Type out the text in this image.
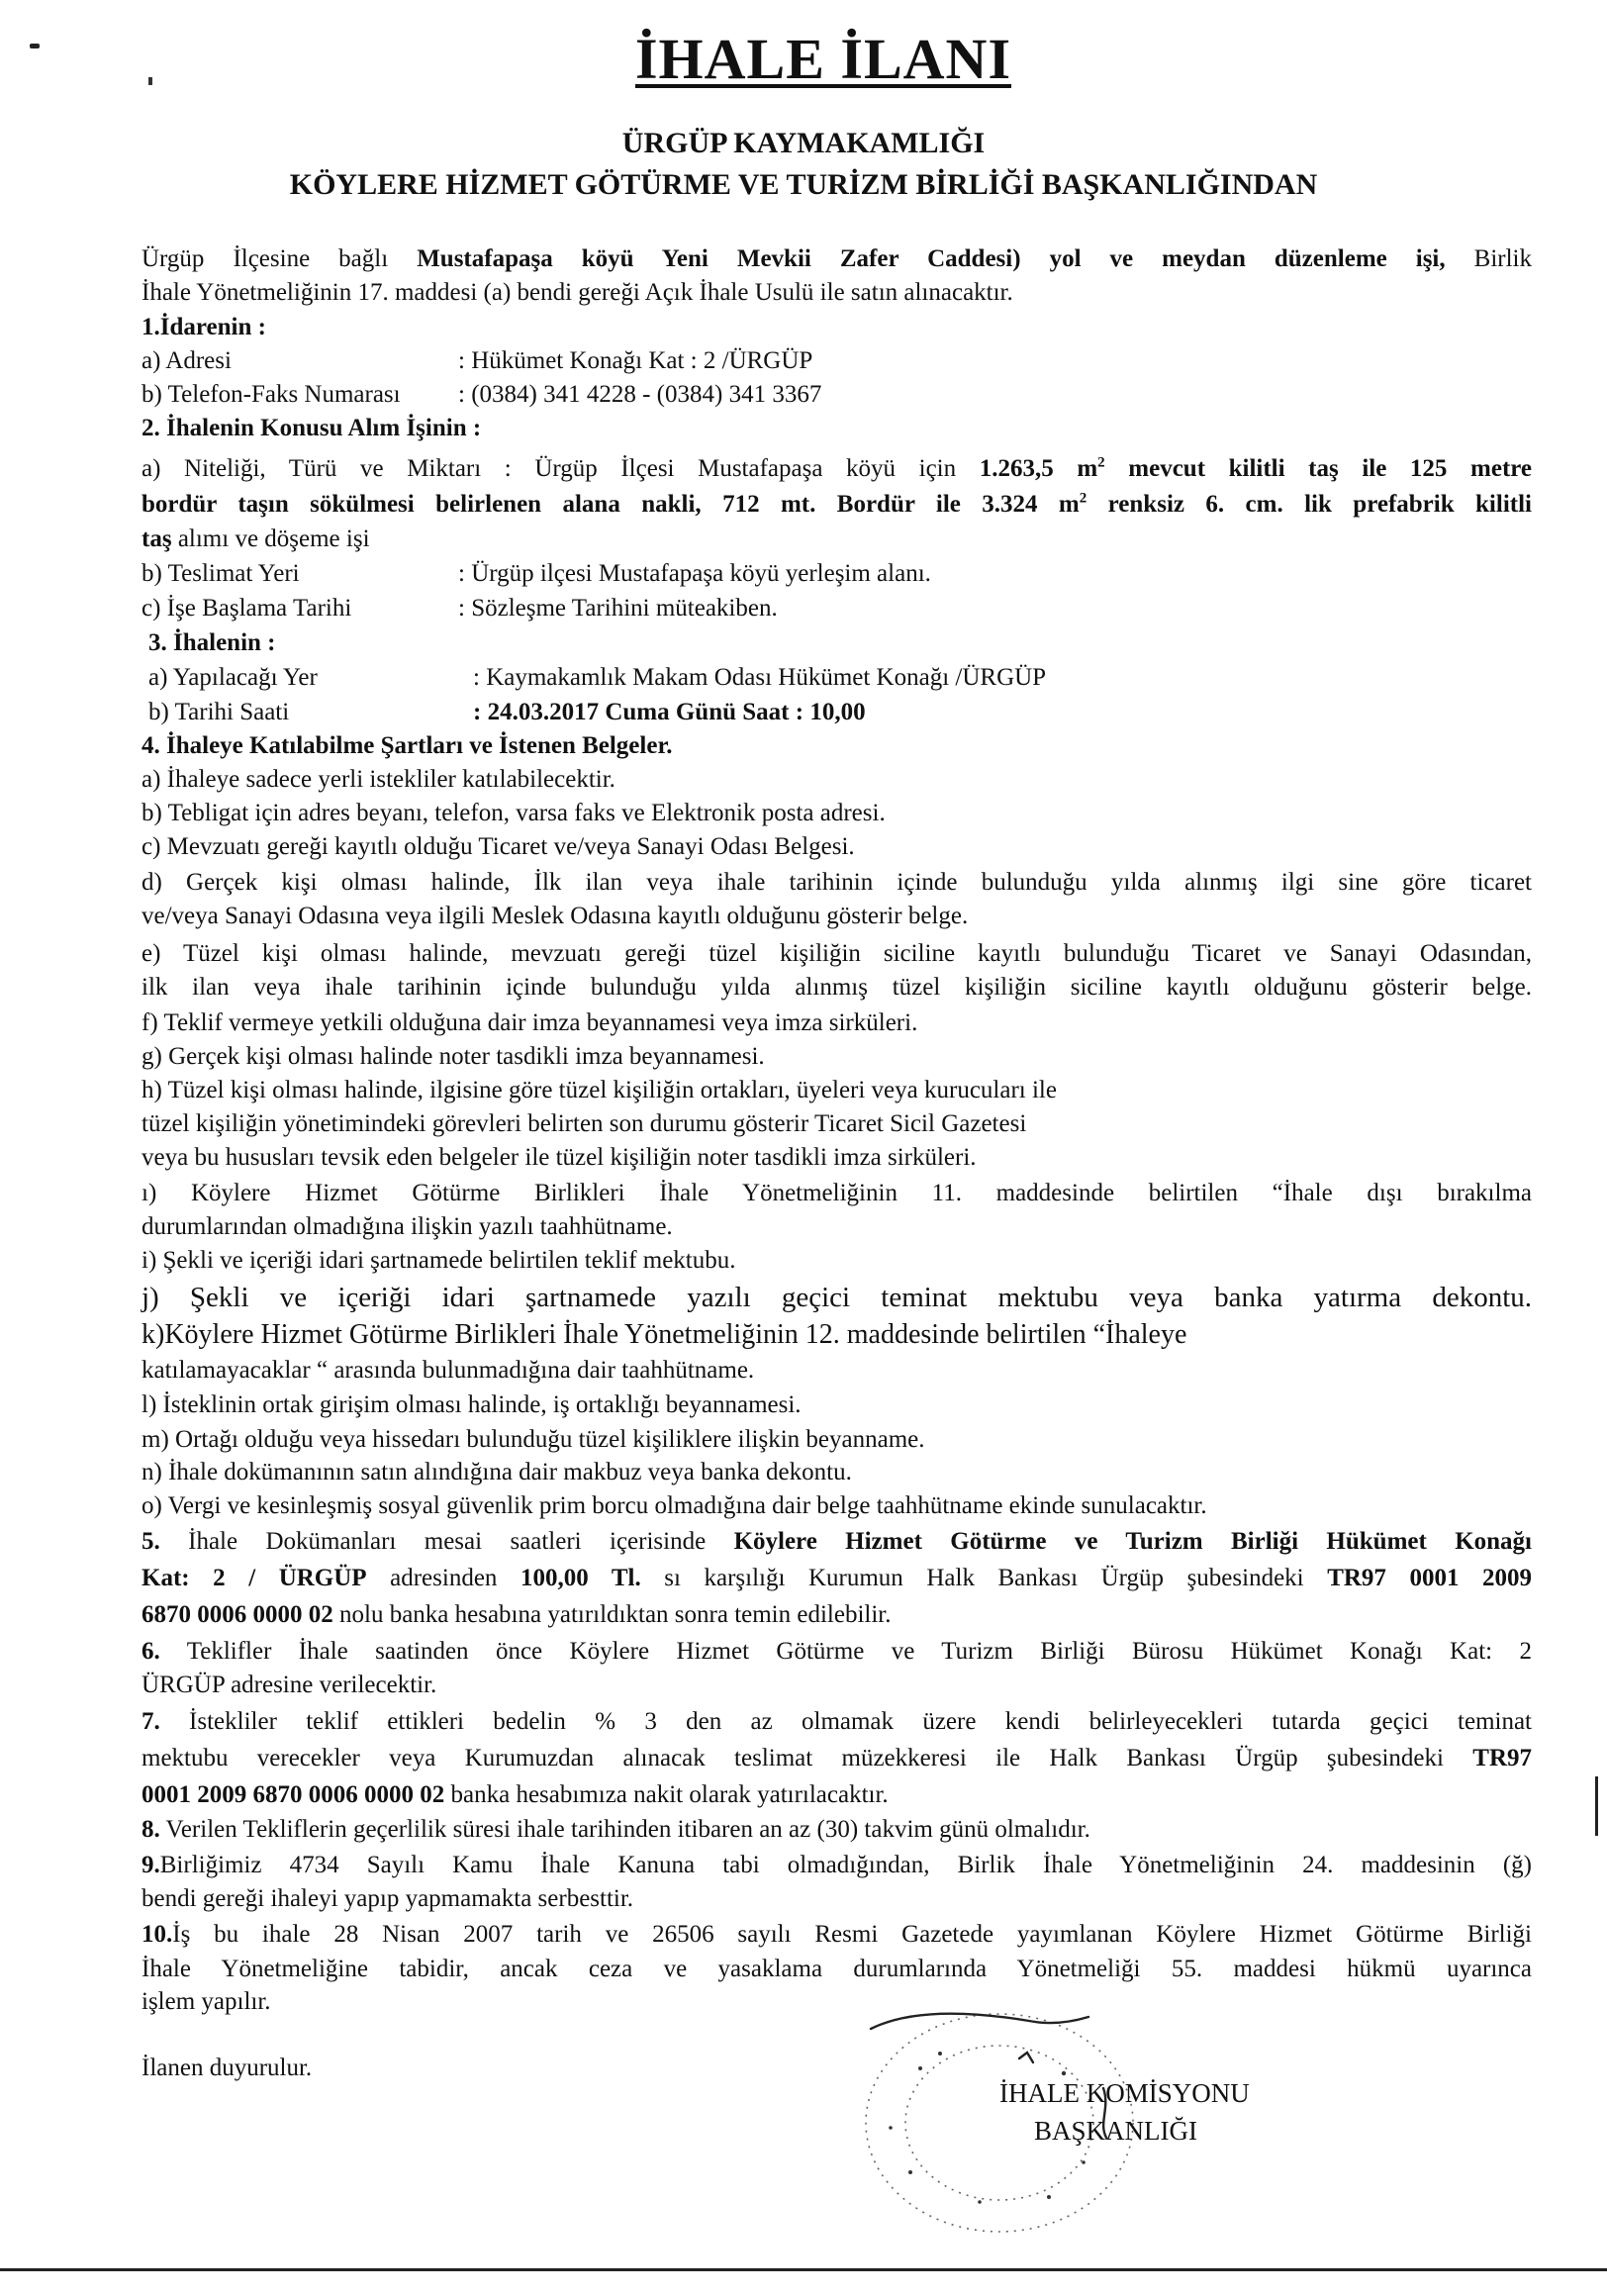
İHALE İLANI
ÜRGÜP KAYMAKAMLIĞI
KÖYLERE HİZMET GÖTÜRME VE TURİZM BİRLİĞİ BAŞKANLIĞINDAN
Ürgüp İlçesine bağlı Mustafapaşa köyü Yeni Mevkii Zafer Caddesi) yol ve meydan düzenleme işi, Birlik
İhale Yönetmeliğinin 17. maddesi (a) bendi gereği Açık İhale Usulü ile satın alınacaktır.
1.İdarenin :
a) Adresi	: Hükümet Konağı Kat : 2 /ÜRGÜP
b) Telefon-Faks Numarası : (0384) 341 4228 - (0384) 341 3367
2. İhalenin Konusu Alım İşinin :
a) Niteliği, Türü ve Miktarı : Ürgüp İlçesi Mustafapaşa köyü için 1.263,5 $m^2$ mevcut kilitli taş ile 125 metre
bordür taşın sökülmesi belirlenen alana nakli, 712 mt. Bordür ile 3.324 $m^2$ renksiz 6. cm. lik prefabrik kilitli
taş alımı ve döşeme işi
b) Teslimat Yeri	: Ürgüp ilçesi Mustafapaşa köyü yerleşim alanı.
c) İşe Başlama Tarihi	: Sözleşme Tarihini müteakiben.
3. İhalenin :
a) Yapılacağı Yer	: Kaymakamlık Makam Odası Hükümet Konağı /ÜRGÜP
b) Tarihi Saati	: 24.03.2017 Cuma Günü Saat : 10,00
4. İhaleye Katılabilme Şartları ve İstenen Belgeler.
a) İhaleye sadece yerli istekliler katılabilecektir.
b) Tebligat için adres beyanı, telefon, varsa faks ve Elektronik posta adresi.
c) Mevzuatı gereği kayıtlı olduğu Ticaret ve/veya Sanayi Odası Belgesi.
d) Gerçek kişi olması halinde, İlk ilan veya ihale tarihinin içinde bulunduğu yılda alınmış ilgi sine göre ticaret
ve/veya Sanayi Odasına veya ilgili Meslek Odasına kayıtlı olduğunu gösterir belge.
e) Tüzel kişi olması halinde, mevzuatı gereği tüzel kişiliğin siciline kayıtlı bulunduğu Ticaret ve Sanayi Odasından,
ilk ilan veya ihale tarihinin içinde bulunduğu yılda alınmış tüzel kişiliğin siciline kayıtlı olduğunu gösterir belge.
f) Teklif vermeye yetkili olduğuna dair imza beyannamesi veya imza sirküleri.
g) Gerçek kişi olması halinde noter tasdikli imza beyannamesi.
h) Tüzel kişi olması halinde, ilgisine göre tüzel kişiliğin ortakları, üyeleri veya kurucuları ile
tüzel kişiliğin yönetimindeki görevleri belirten son durumu gösterir Ticaret Sicil Gazetesi
veya bu hususları tevsik eden belgeler ile tüzel kişiliğin noter tasdikli imza sirküleri.
ı) Köylere Hizmet Götürme Birlikleri İhale Yönetmeliğinin 11. maddesinde belirtilen “İhale dışı bırakılma
durumlarından olmadığına ilişkin yazılı taahhütname.
i) Şekli ve içeriği idari şartnamede belirtilen teklif mektubu.
j) Şekli ve içeriği idari şartnamede yazılı geçici teminat mektubu veya banka yatırma dekontu.
k)Köylere Hizmet Götürme Birlikleri İhale Yönetmeliğinin 12. maddesinde belirtilen “İhaleye
katılamayacaklar “ arasında bulunmadığına dair taahhütname.
l) İsteklinin ortak girişim olması halinde, iş ortaklığı beyannamesi.
m) Ortağı olduğu veya hissedarı bulunduğu tüzel kişiliklere ilişkin beyanname.
n) İhale dokümanının satın alındığına dair makbuz veya banka dekontu.
o) Vergi ve kesinleşmiş sosyal güvenlik prim borcu olmadığına dair belge taahhütname ekinde sunulacaktır.
5. İhale Dokümanları mesai saatleri içerisinde Köylere Hizmet Götürme ve Turizm Birliği Hükümet Konağı
Kat: 2 / ÜRGÜP adresinden 100,00 Tl. sı karşılığı Kurumun Halk Bankası Ürgüp şubesindeki TR97 0001 2009
6870 0006 0000 02 nolu banka hesabına yatırıldıktan sonra temin edilebilir.
6. Teklifler İhale saatinden önce Köylere Hizmet Götürme ve Turizm Birliği Bürosu Hükümet Konağı Kat: 2
ÜRGÜP adresine verilecektir.
7. İstekliler teklif ettikleri bedelin % 3 den az olmamak üzere kendi belirleyecekleri tutarda geçici teminat
mektubu verecekler veya Kurumuzdan alınacak teslimat müzekkeresi ile Halk Bankası Ürgüp şubesindeki TR97
0001 2009 6870 0006 0000 02 banka hesabımıza nakit olarak yatırılacaktır.
8. Verilen Tekliflerin geçerlilik süresi ihale tarihinden itibaren an az (30) takvim günü olmalıdır.
9.Birliğimiz 4734 Sayılı Kamu İhale Kanuna tabi olmadığından, Birlik İhale Yönetmeliğinin 24. maddesinin (ğ)
bendi gereği ihaleyi yapıp yapmamakta serbesttir.
10.İş bu ihale 28 Nisan 2007 tarih ve 26506 sayılı Resmi Gazetede yayımlanan Köylere Hizmet Götürme Birliği
İhale Yönetmeliğine tabidir, ancak ceza ve yasaklama durumlarında Yönetmeliği 55. maddesi hükmü uyarınca
işlem yapılır.
İlanen duyurulur.
İHALE KOMİSYONU
BAŞKANLIĞI
